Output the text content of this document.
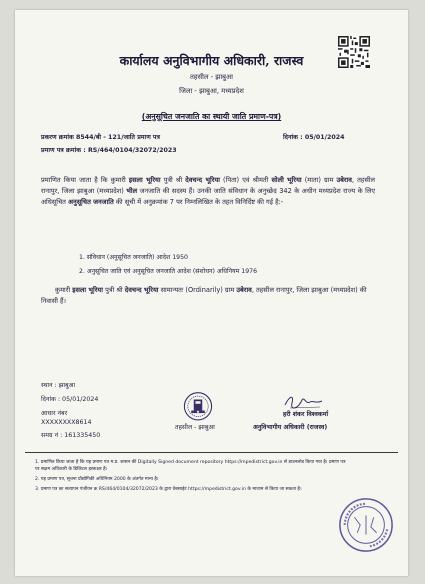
कार्यालय अनुविभागीय अधिकारी, राजस्व
तहसील - झाबुआ
जिला - झाबुआ, मध्यप्रदेश
(अनुसूचित जनजाति का स्थायी जाति प्रमाण-पत्र)
प्रकरण क्रमांक 8544/बी - 121/जाति प्रमाण पत्र	दिनांक : 05/01/2024
प्रमाण पत्र क्रमांक : RS/464/0104/32072/2023
प्रमाणित किया जाता है कि कुमारी इसला भूरिया पुत्री श्री देवचन्द भूरिया (पिता) एवं श्रीमती सोली भूरिया (माता) ग्राम उबेराव, तहसील रानापुर, जिला झाबुआ (मध्यप्रदेश) भील जनजाति की सदस्य हैं। उनकी जाति संविधान के अनुच्छेद 342 के अधीन मध्यप्रदेश राज्य के लिए अधिसूचित अनुसूचित जनजाति की सूची में अनुक्रमांक 7 पर निम्नलिखित के तहत विनिर्दिष्ट की गई है:-
1. संविधान (अनुसूचित जनजाति) आदेश 1950
2. अनुसूचित जाति एवं अनुसूचित जनजाति आदेश (संशोधन) अधिनियम 1976
कुमारी इसला भूरिया पुत्री श्री देवचन्द भूरिया सामान्यतः (Ordinarily) ग्राम उबेराव, तहसील रानापुर, जिला झाबुआ (मध्यप्रदेश) की निवासी हैं।
स्थान : झाबुआ
दिनांक : 05/01/2024
आधार नंबर
XXXXXXXX8614
समग्र नं : 161335450
तहसील - झाबुआ
हरी शंकर विश्वकर्मा
अनुविभागीय अधिकारी (राजस्व)
1. प्रमाणित किया जाता है कि यह प्रमाण पत्र म.प्र. शासन की Digitally Signed document repository https://mpedistrict.gov.in से डाउनलोड किया गया है। प्रमाण पत्र
पर सक्षम अधिकारी के डिजिटल हस्ताक्षर हैं।
2. यह प्रमाण पत्र, सूचना प्रौद्योगिकी अधिनियम 2000 के अंतर्गत मान्य है।
3. प्रमाण पत्र का सत्यापन पंजीयन क्र RS/464/0104/32072/2023 के द्वारा वेबसाईट https://mpedistrict.gov.in के माध्यम से किया जा सकता है।
